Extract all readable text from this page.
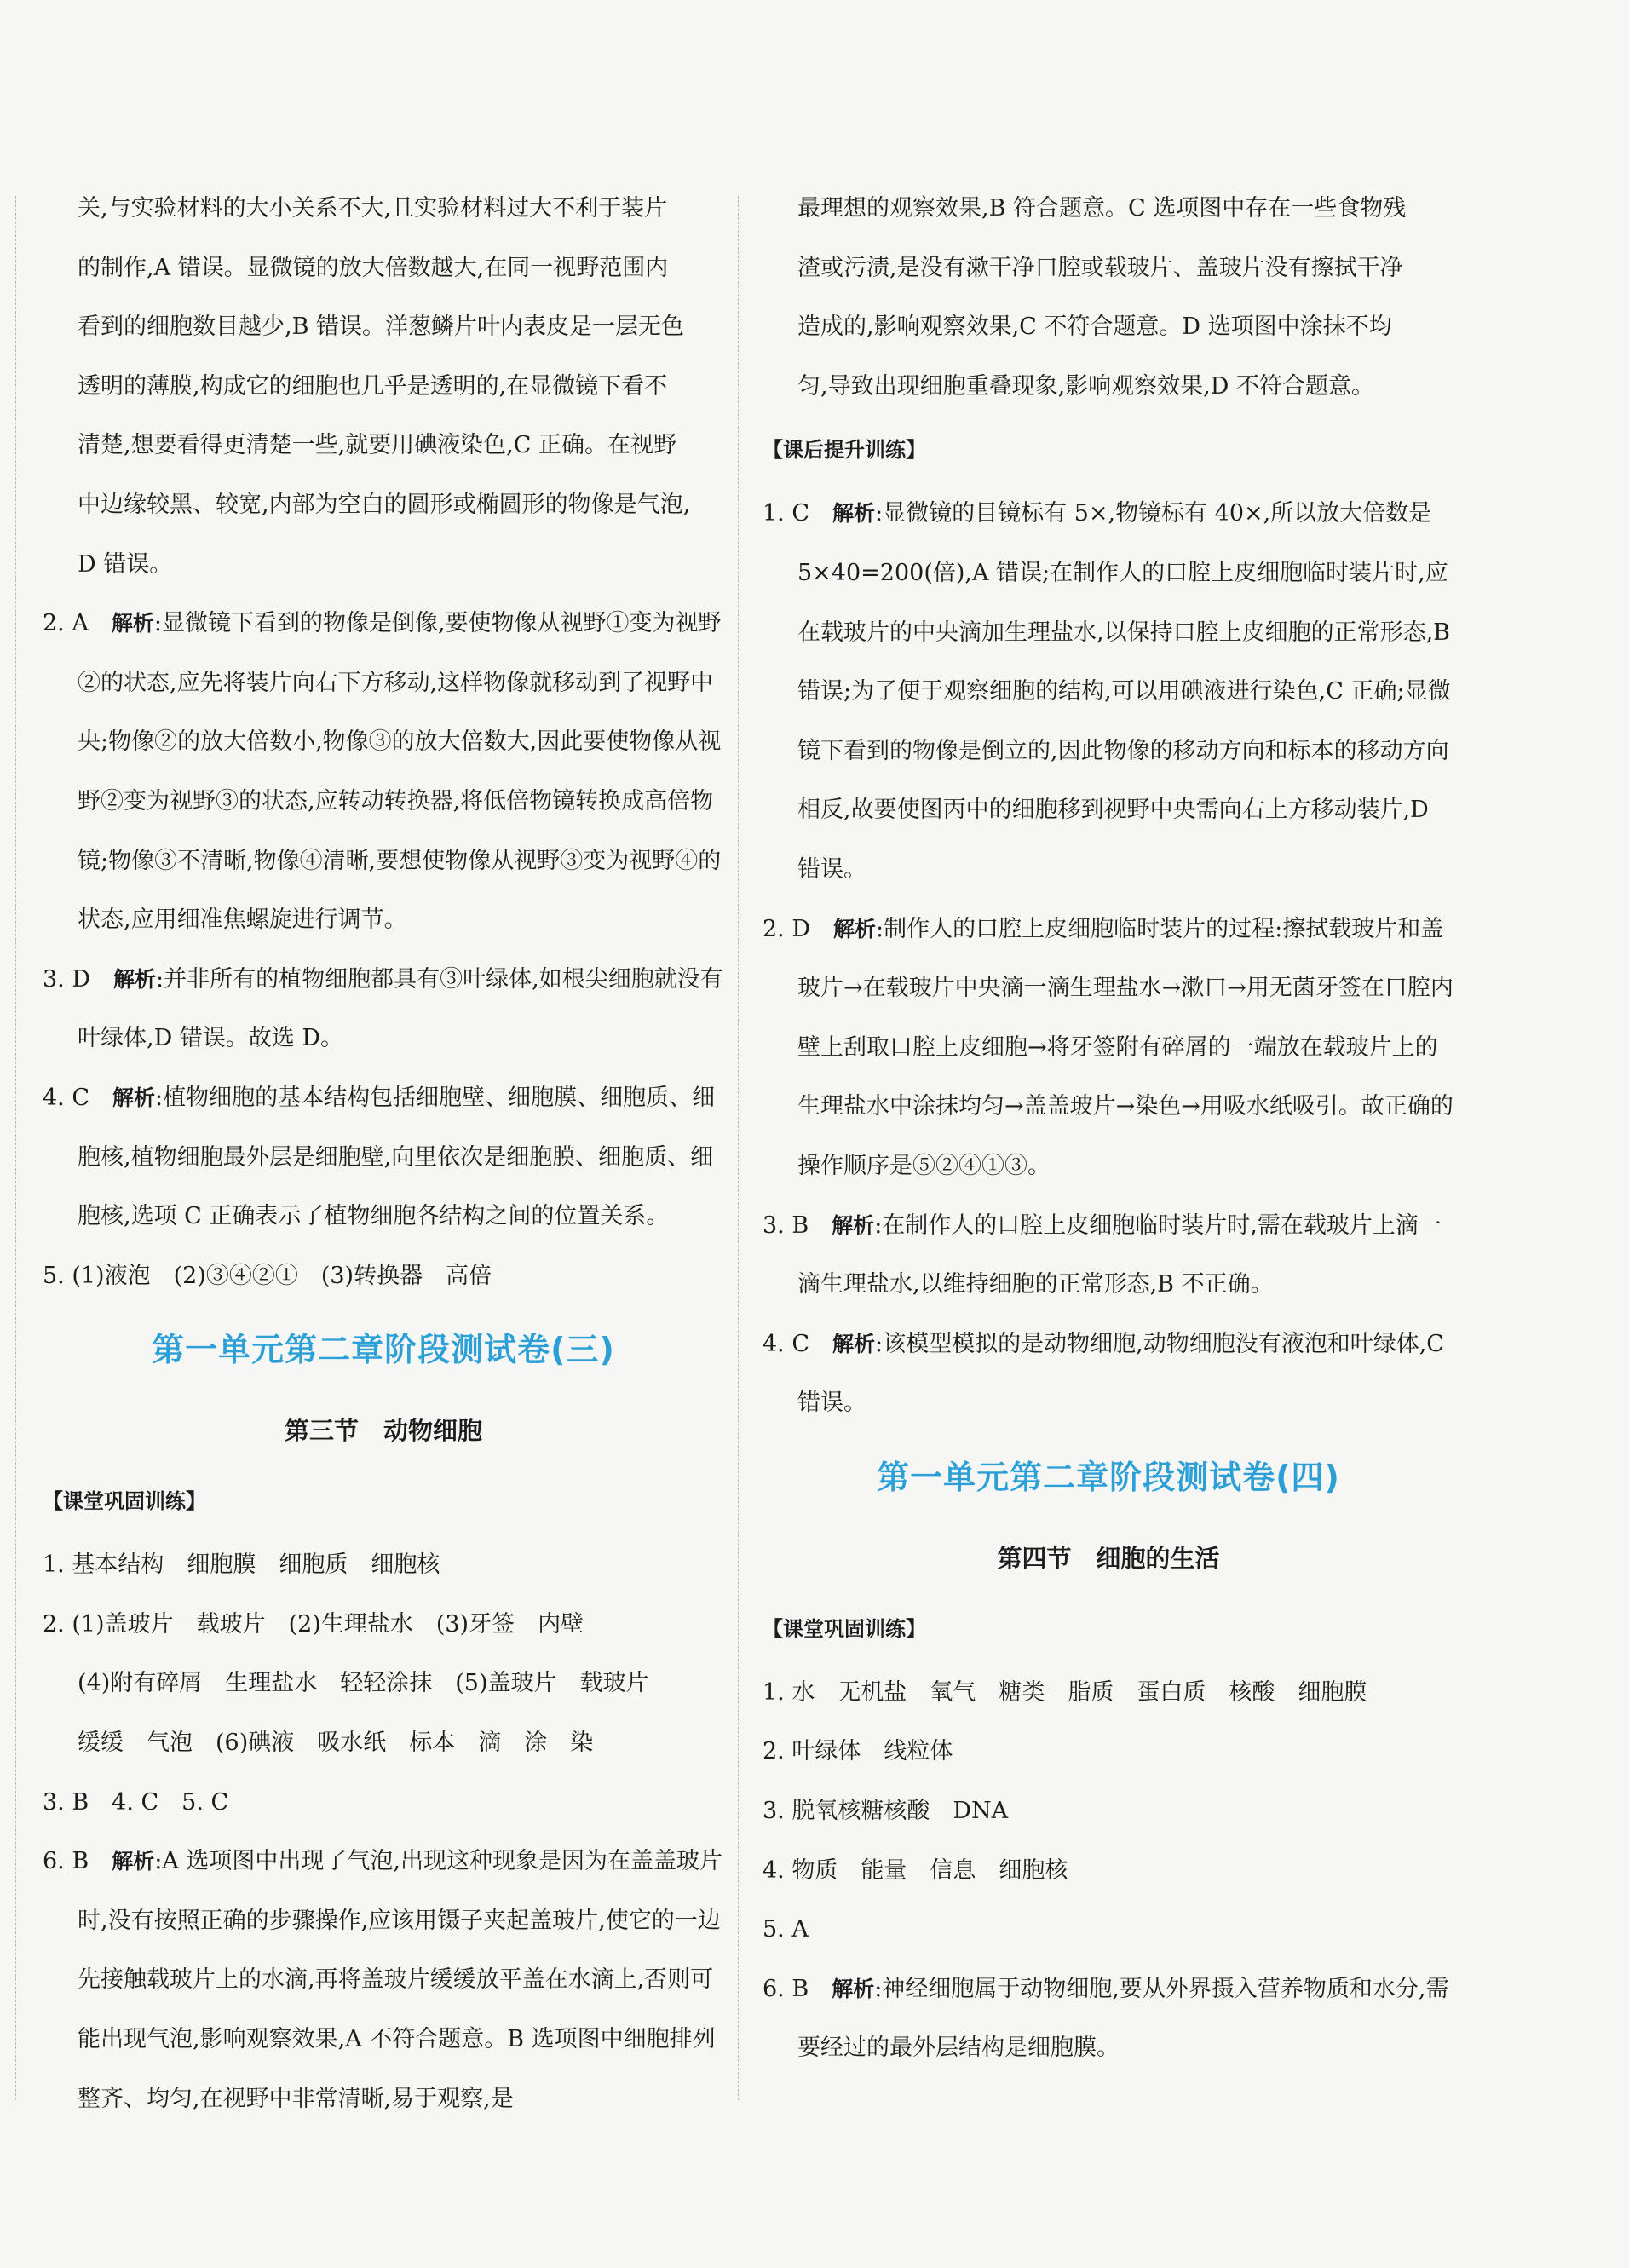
关,与实验材料的大小关系不大,且实验材料过大不利于装片

的制作,A 错误。显微镜的放大倍数越大,在同一视野范围内

看到的细胞数目越少,B 错误。洋葱鳞片叶内表皮是一层无色

透明的薄膜,构成它的细胞也几乎是透明的,在显微镜下看不

清楚,想要看得更清楚一些,就要用碘液染色,C 正确。在视野

中边缘较黑、较宽,内部为空白的圆形或椭圆形的物像是气泡,

D 错误。

2. A　解析:显微镜下看到的物像是倒像,要使物像从视野①变为视野②的状态,应先将装片向右下方移动,这样物像就移动到了视野中央;物像②的放大倍数小,物像③的放大倍数大,因此要使物像从视野②变为视野③的状态,应转动转换器,将低倍物镜转换成高倍物镜;物像③不清晰,物像④清晰,要想使物像从视野③变为视野④的状态,应用细准焦螺旋进行调节。

3. D　解析:并非所有的植物细胞都具有③叶绿体,如根尖细胞就没有叶绿体,D 错误。故选 D。

4. C　解析:植物细胞的基本结构包括细胞壁、细胞膜、细胞质、细胞核,植物细胞最外层是细胞壁,向里依次是细胞膜、细胞质、细胞核,选项 C 正确表示了植物细胞各结构之间的位置关系。

5. (1)液泡　(2)③④②①　(3)转换器　高倍

第一单元第二章阶段测试卷(三)
第三节　动物细胞

【课堂巩固训练】

1. 基本结构　细胞膜　细胞质　细胞核

2. (1)盖玻片　载玻片　(2)生理盐水　(3)牙签　内壁

(4)附有碎屑　生理盐水　轻轻涂抹　(5)盖玻片　载玻片

缓缓　气泡　(6)碘液　吸水纸　标本　滴　涂　染

3. B　4. C　5. C

6. B　解析:A 选项图中出现了气泡,出现这种现象是因为在盖盖玻片时,没有按照正确的步骤操作,应该用镊子夹起盖玻片,使它的一边先接触载玻片上的水滴,再将盖玻片缓缓放平盖在水滴上,否则可能出现气泡,影响观察效果,A 不符合题意。B 选项图中细胞排列整齐、均匀,在视野中非常清晰,易于观察,是

最理想的观察效果,B 符合题意。C 选项图中存在一些食物残

渣或污渍,是没有漱干净口腔或载玻片、盖玻片没有擦拭干净

造成的,影响观察效果,C 不符合题意。D 选项图中涂抹不均

匀,导致出现细胞重叠现象,影响观察效果,D 不符合题意。

【课后提升训练】

1. C　解析:显微镜的目镜标有 5×,物镜标有 40×,所以放大倍数是 5×40=200(倍),A 错误;在制作人的口腔上皮细胞临时装片时,应在载玻片的中央滴加生理盐水,以保持口腔上皮细胞的正常形态,B 错误;为了便于观察细胞的结构,可以用碘液进行染色,C 正确;显微镜下看到的物像是倒立的,因此物像的移动方向和标本的移动方向相反,故要使图丙中的细胞移到视野中央需向右上方移动装片,D 错误。

2. D　解析:制作人的口腔上皮细胞临时装片的过程:擦拭载玻片和盖玻片→在载玻片中央滴一滴生理盐水→漱口→用无菌牙签在口腔内壁上刮取口腔上皮细胞→将牙签附有碎屑的一端放在载玻片上的生理盐水中涂抹均匀→盖盖玻片→染色→用吸水纸吸引。故正确的操作顺序是⑤②④①③。

3. B　解析:在制作人的口腔上皮细胞临时装片时,需在载玻片上滴一滴生理盐水,以维持细胞的正常形态,B 不正确。

4. C　解析:该模型模拟的是动物细胞,动物细胞没有液泡和叶绿体,C 错误。

第一单元第二章阶段测试卷(四)
第四节　细胞的生活

【课堂巩固训练】

1. 水　无机盐　氧气　糖类　脂质　蛋白质　核酸　细胞膜

2. 叶绿体　线粒体

3. 脱氧核糖核酸　DNA

4. 物质　能量　信息　细胞核

5. A

6. B　解析:神经细胞属于动物细胞,要从外界摄入营养物质和水分,需要经过的最外层结构是细胞膜。
